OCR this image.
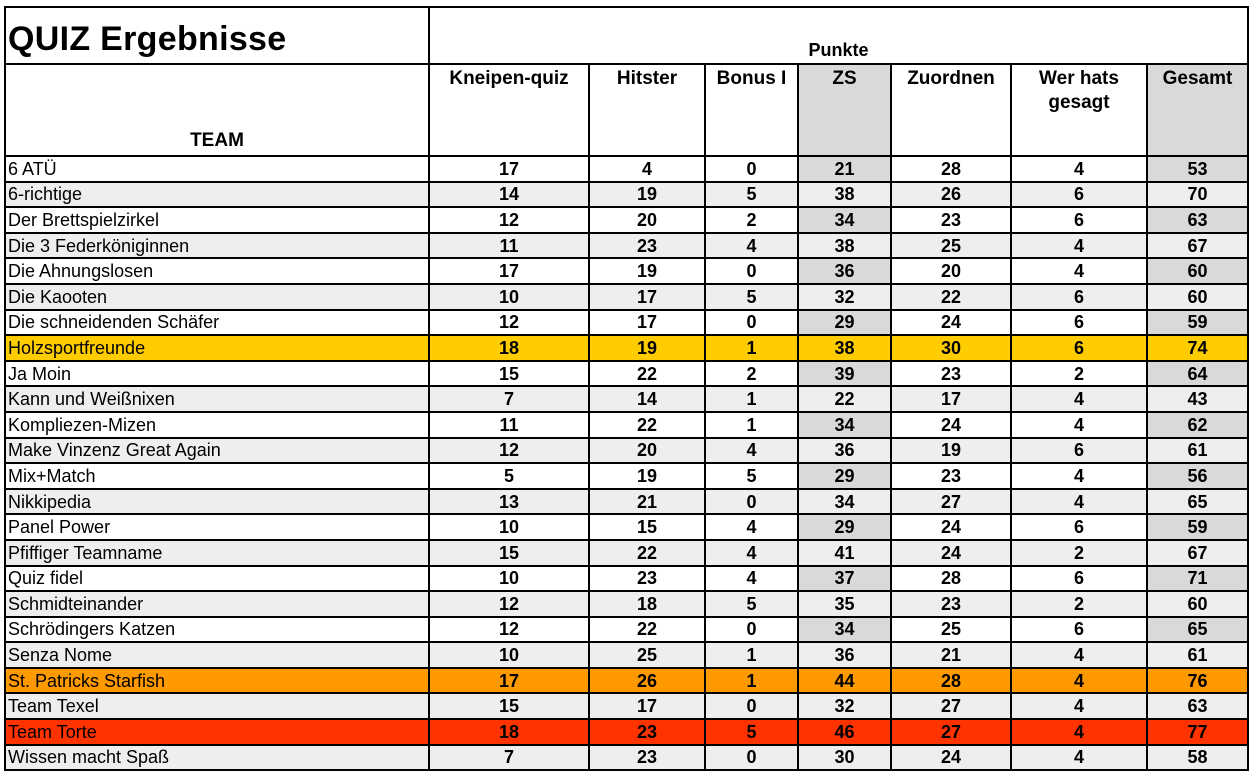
QUIZ Ergebnisse	Punkte						
TEAM	Kneipen-quiz	Hitster	Bonus I	ZS	Zuordnen	Wer hats gesagt	Gesamt
6 ATÜ	17	4	0	21	28	4	53
6-richtige	14	19	5	38	26	6	70
Der Brettspielzirkel	12	20	2	34	23	6	63
Die 3 Federköniginnen	11	23	4	38	25	4	67
Die Ahnungslosen	17	19	0	36	20	4	60
Die Kaooten	10	17	5	32	22	6	60
Die schneidenden Schäfer	12	17	0	29	24	6	59
Holzsportfreunde	18	19	1	38	30	6	74
Ja Moin	15	22	2	39	23	2	64
Kann und Weißnixen	7	14	1	22	17	4	43
Kompliezen-Mizen	11	22	1	34	24	4	62
Make Vinzenz Great Again	12	20	4	36	19	6	61
Mix+Match	5	19	5	29	23	4	56
Nikkipedia	13	21	0	34	27	4	65
Panel Power	10	15	4	29	24	6	59
Pfiffiger Teamname	15	22	4	41	24	2	67
Quiz fidel	10	23	4	37	28	6	71
Schmidteinander	12	18	5	35	23	2	60
Schrödingers Katzen	12	22	0	34	25	6	65
Senza Nome	10	25	1	36	21	4	61
St. Patricks Starfish	17	26	1	44	28	4	76
Team Texel	15	17	0	32	27	4	63
Team Torte	18	23	5	46	27	4	77
Wissen macht Spaß	7	23	0	30	24	4	58
